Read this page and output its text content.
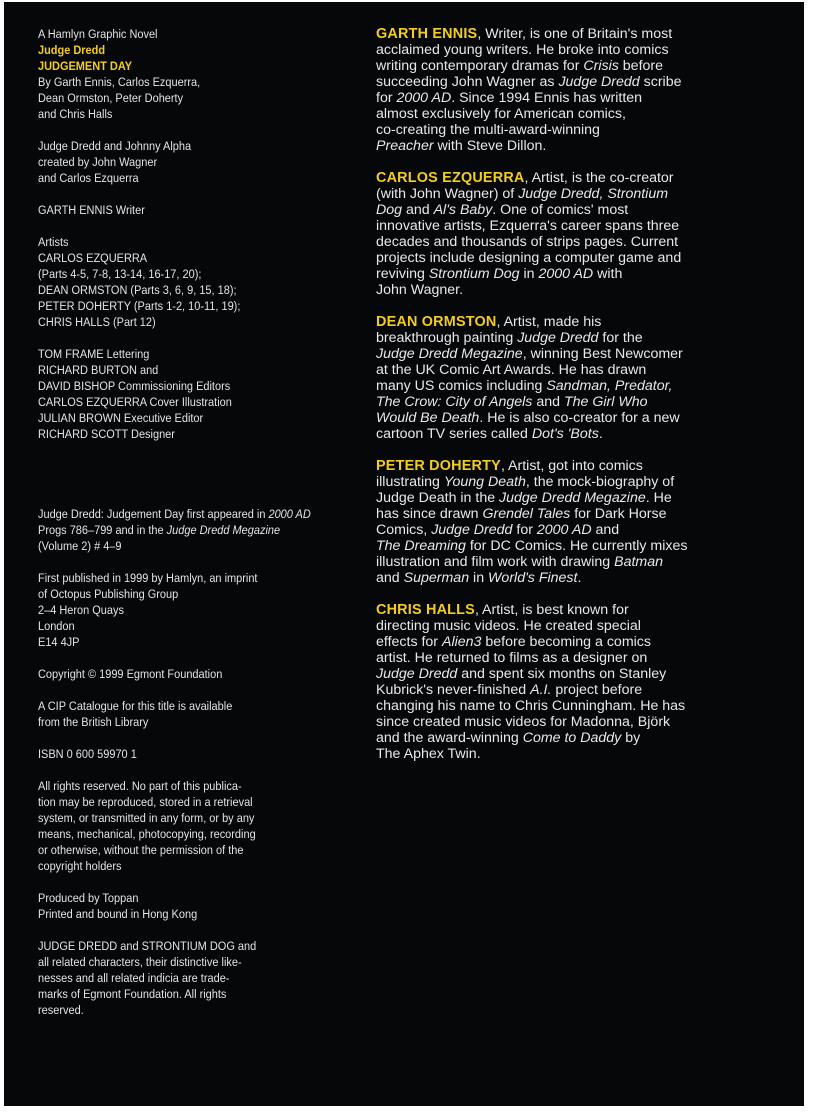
A Hamlyn Graphic Novel
Judge Dredd
JUDGEMENT DAY
By Garth Ennis, Carlos Ezquerra,
Dean Ormston, Peter Doherty
and Chris Halls
Judge Dredd and Johnny Alpha
created by John Wagner
and Carlos Ezquerra
GARTH ENNIS Writer
Artists
CARLOS EZQUERRA
(Parts 4-5, 7-8, 13-14, 16-17, 20);
DEAN ORMSTON (Parts 3, 6, 9, 15, 18);
PETER DOHERTY (Parts 1-2, 10-11, 19);
CHRIS HALLS (Part 12)
TOM FRAME Lettering
RICHARD BURTON and
DAVID BISHOP Commissioning Editors
CARLOS EZQUERRA Cover Illustration
JULIAN BROWN Executive Editor
RICHARD SCOTT Designer
Judge Dredd: Judgement Day first appeared in 2000 AD Progs 786–799 and in the Judge Dredd Megazine (Volume 2) # 4–9
First published in 1999 by Hamlyn, an imprint
of Octopus Publishing Group
2–4 Heron Quays
London
E14 4JP
Copyright © 1999 Egmont Foundation
A CIP Catalogue for this title is available
from the British Library
ISBN 0 600 59970 1
All rights reserved. No part of this publica-
tion may be reproduced, stored in a retrieval
system, or transmitted in any form, or by any
means, mechanical, photocopying, recording
or otherwise, without the permission of the
copyright holders
Produced by Toppan
Printed and bound in Hong Kong
JUDGE DREDD and STRONTIUM DOG and
all related characters, their distinctive like-
nesses and all related indicia are trade-
marks of Egmont Foundation. All rights
reserved.
GARTH ENNIS, Writer, is one of Britain's most
acclaimed young writers. He broke into comics
writing contemporary dramas for Crisis before
succeeding John Wagner as Judge Dredd scribe
for 2000 AD. Since 1994 Ennis has written
almost exclusively for American comics,
co-creating the multi-award-winning
Preacher with Steve Dillon.
CARLOS EZQUERRA, Artist, is the co-creator
(with John Wagner) of Judge Dredd, Strontium
Dog and Al's Baby. One of comics' most
innovative artists, Ezquerra's career spans three
decades and thousands of strips pages. Current
projects include designing a computer game and
reviving Strontium Dog in 2000 AD with
John Wagner.
DEAN ORMSTON, Artist, made his
breakthrough painting Judge Dredd for the
Judge Dredd Megazine, winning Best Newcomer
at the UK Comic Art Awards. He has drawn
many US comics including Sandman, Predator,
The Crow: City of Angels and The Girl Who
Would Be Death. He is also co-creator for a new
cartoon TV series called Dot's 'Bots.
PETER DOHERTY, Artist, got into comics
illustrating Young Death, the mock-biography of
Judge Death in the Judge Dredd Megazine. He
has since drawn Grendel Tales for Dark Horse
Comics, Judge Dredd for 2000 AD and
The Dreaming for DC Comics. He currently mixes
illustration and film work with drawing Batman
and Superman in World's Finest.
CHRIS HALLS, Artist, is best known for
directing music videos. He created special
effects for Alien3 before becoming a comics
artist. He returned to films as a designer on
Judge Dredd and spent six months on Stanley
Kubrick's never-finished A.I. project before
changing his name to Chris Cunningham. He has
since created music videos for Madonna, Björk
and the award-winning Come to Daddy by
The Aphex Twin.
